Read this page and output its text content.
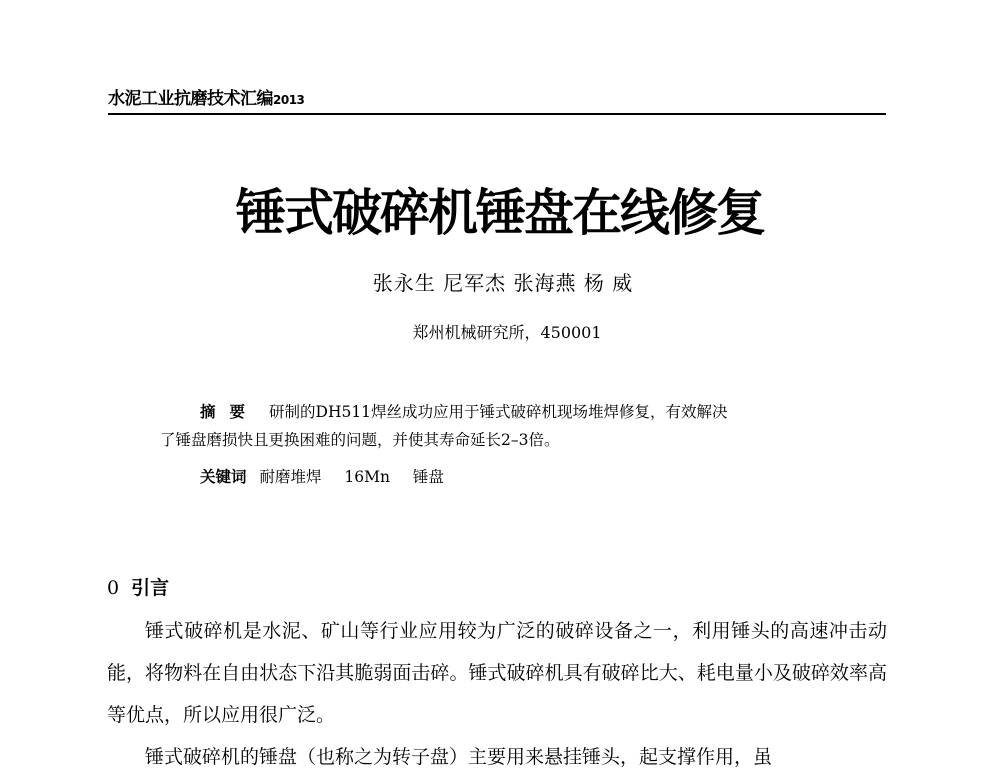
水泥工业抗磨技术汇编2013
锤式破碎机锤盘在线修复
张永生 尼军杰 张海燕 杨 威
郑州机械研究所，450001
摘要 研制的DH511焊丝成功应用于锤式破碎机现场堆焊修复，有效解决
了锤盘磨损快且更换困难的问题，并使其寿命延长2–3倍。
关键词 耐磨堆焊 16Mn 锤盘
0 引言

锤式破碎机是水泥、矿山等行业应用较为广泛的破碎设备之一，利用锤头的高速冲击动能，将物料在自由状态下沿其脆弱面击碎。锤式破碎机具有破碎比大、耗电量小及破碎效率高等优点，所以应用很广泛。

锤式破碎机的锤盘（也称之为转子盘）主要用来悬挂锤头，起支撑作用，虽
